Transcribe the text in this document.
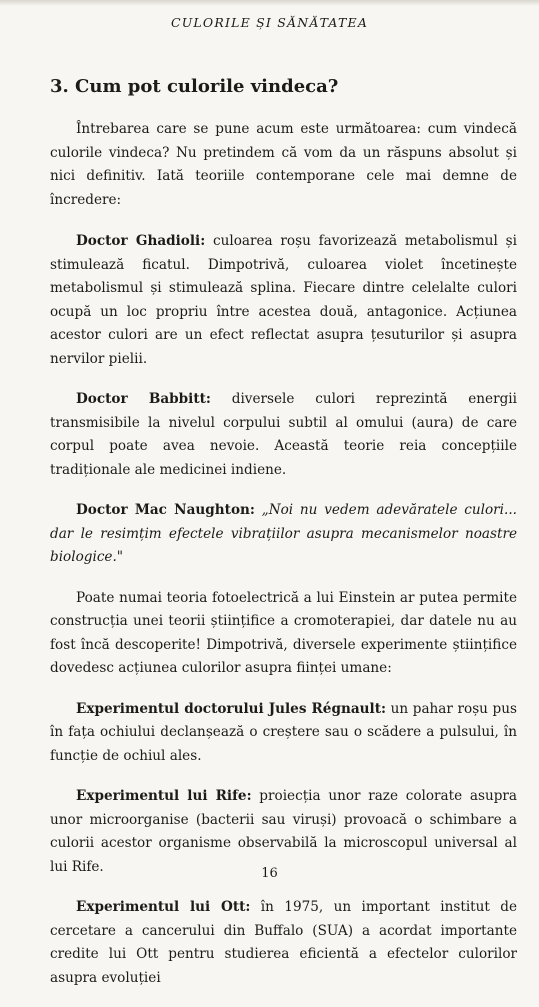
CULORILE ȘI SĂNĂTATEA
3. Cum pot culorile vindeca?

Întrebarea care se pune acum este următoarea: cum vindecă culorile vindeca? Nu pretindem că vom da un răspuns absolut și nici definitiv. Iată teoriile contemporane cele mai demne de încredere:

Doctor Ghadioli: culoarea roșu favorizează metabolismul și stimulează ficatul. Dimpotrivă, culoarea violet încetinește metabolismul și stimulează splina. Fiecare dintre celelalte culori ocupă un loc propriu între acestea două, antagonice. Acțiunea acestor culori are un efect reflectat asupra țesuturilor și asupra nervilor pielii.

Doctor Babbitt: diversele culori reprezintă energii transmisibile la nivelul corpului subtil al omului (aura) de care corpul poate avea nevoie. Această teorie reia concepțiile tradiționale ale medicinei indiene.

Doctor Mac Naughton: „Noi nu vedem adevăratele culori... dar le resimțim efectele vibrațiilor asupra mecanismelor noastre biologice."

Poate numai teoria fotoelectrică a lui Einstein ar putea permite construcția unei teorii științifice a cromoterapiei, dar datele nu au fost încă descoperite! Dimpotrivă, diversele experimente științifice dovedesc acțiunea culorilor asupra ființei umane:

Experimentul doctorului Jules Régnault: un pahar roșu pus în fața ochiului declanșează o creștere sau o scădere a pulsului, în funcție de ochiul ales.

Experimentul lui Rife: proiecția unor raze colorate asupra unor microorganise (bacterii sau viruși) provoacă o schimbare a culorii acestor organisme observabilă la microscopul universal al lui Rife.

Experimentul lui Ott: în 1975, un important institut de cercetare a cancerului din Buffalo (SUA) a acordat importante credite lui Ott pentru studierea eficientă a efectelor culorilor asupra evoluției

16
